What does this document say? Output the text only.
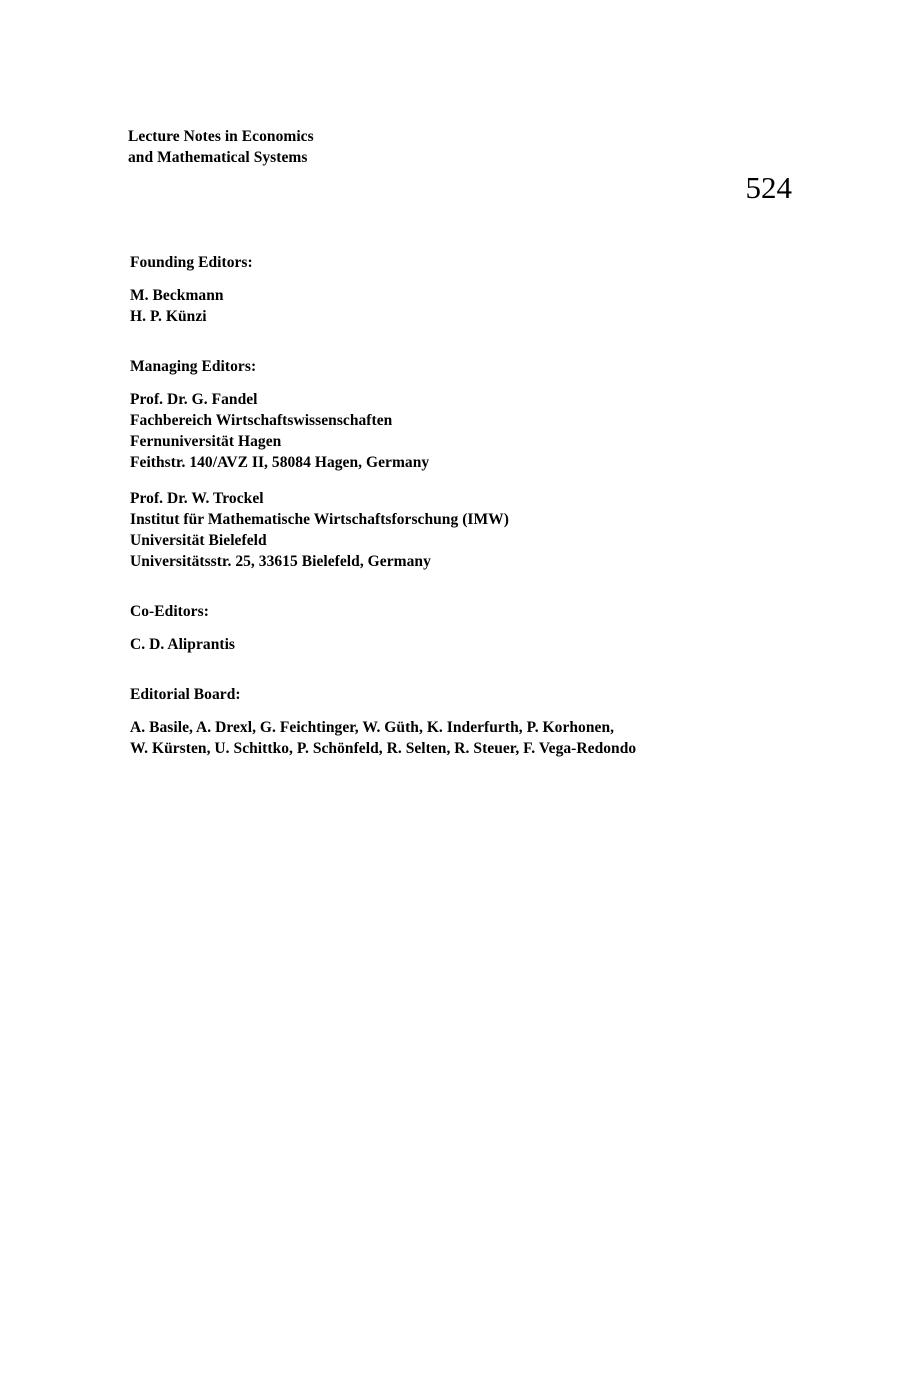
Lecture Notes in Economics
and Mathematical Systems
524
Founding Editors:
M. Beckmann
H. P. Künzi
Managing Editors:
Prof. Dr. G. Fandel
Fachbereich Wirtschaftswissenschaften
Fernuniversität Hagen
Feithstr. 140/AVZ II, 58084 Hagen, Germany
Prof. Dr. W. Trockel
Institut für Mathematische Wirtschaftsforschung (IMW)
Universität Bielefeld
Universitätsstr. 25, 33615 Bielefeld, Germany
Co-Editors:
C. D. Aliprantis
Editorial Board:
A. Basile, A. Drexl, G. Feichtinger, W. Güth, K. Inderfurth, P. Korhonen,
W. Kürsten, U. Schittko, P. Schönfeld, R. Selten, R. Steuer, F. Vega-Redondo
